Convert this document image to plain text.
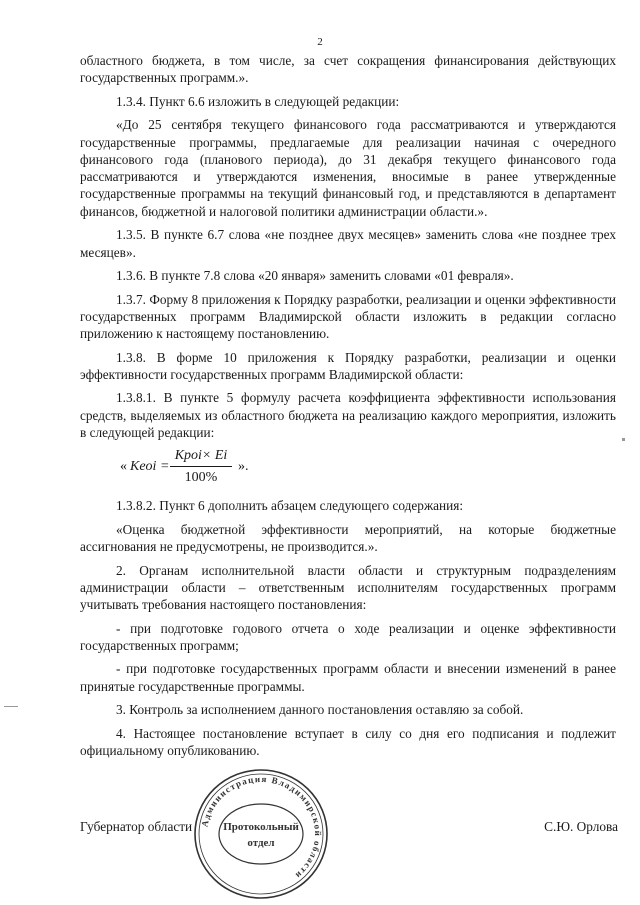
2

областного бюджета, в том числе, за счет сокращения финансирования действующих государственных программ.».

1.3.4. Пункт 6.6 изложить в следующей редакции:

«До 25 сентября текущего финансового года рассматриваются и утверждаются государственные программы, предлагаемые для реализации начиная с очередного финансового года (планового периода), до 31 декабря текущего финансового года рассматриваются и утверждаются изменения, вносимые в ранее утвержденные государственные программы на текущий финансовый год, и представляются в департамент финансов, бюджетной и налоговой политики администрации области.».

1.3.5. В пункте 6.7 слова «не позднее двух месяцев» заменить слова «не позднее трех месяцев».

1.3.6. В пункте 7.8 слова «20 января» заменить словами «01 февраля».

1.3.7. Форму 8 приложения к Порядку разработки, реализации и оценки эффективности государственных программ Владимирской области изложить в редакции согласно приложению к настоящему постановлению.

1.3.8. В форме 10 приложения к Порядку разработки, реализации и оценки эффективности государственных программ Владимирской области:

1.3.8.1. В пункте 5 формулу расчета коэффициента эффективности использования средств, выделяемых из областного бюджета на реализацию каждого мероприятия, изложить в следующей редакции:

« Keoi =
Kpoi× Ei
100%
».

1.3.8.2. Пункт 6 дополнить абзацем следующего содержания:

«Оценка бюджетной эффективности мероприятий, на которые бюджетные ассигнования не предусмотрены, не производится.».

2. Органам исполнительной власти области и структурным подразделениям администрации области – ответственным исполнителям государственных программ учитывать требования настоящего постановления:

- при подготовке годового отчета о ходе реализации и оценке эффективности государственных программ;

- при подготовке государственных программ области и внесении изменений в ранее принятые государственные программы.

3. Контроль за исполнением данного постановления оставляю за собой.

4. Настоящее постановление вступает в силу со дня его подписания и подлежит официальному опубликованию.

Губернатор области	С.Ю. Орлова
Администрация Владимирской области
Протокольный
отдел
